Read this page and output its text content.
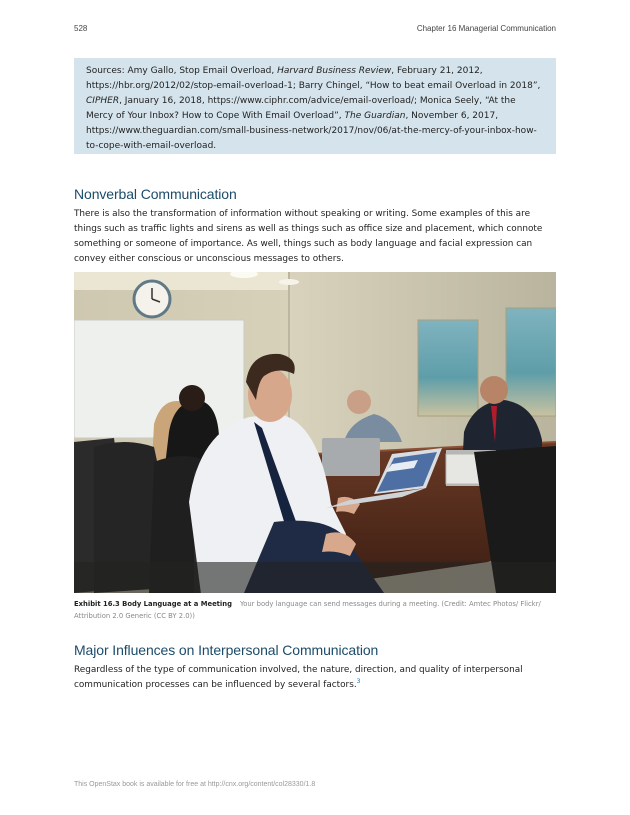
528	Chapter 16 Managerial Communication
Sources: Amy Gallo, Stop Email Overload, Harvard Business Review, February 21, 2012, https://hbr.org/2012/02/stop-email-overload-1; Barry Chingel, “How to beat email Overload in 2018”, CIPHER, January 16, 2018, https://www.ciphr.com/advice/email-overload/; Monica Seely, “At the Mercy of Your Inbox? How to Cope With Email Overload”, The Guardian, November 6, 2017, https://www.theguardian.com/small-business-network/2017/nov/06/at-the-mercy-of-your-inbox-how-to-cope-with-email-overload.
Nonverbal Communication

There is also the transformation of information without speaking or writing. Some examples of this are things such as traffic lights and sirens as well as things such as office size and placement, which connote something or someone of importance. As well, things such as body language and facial expression can convey either conscious or unconscious messages to others.

Exhibit 16.3 Body Language at a Meeting Your body language can send messages during a meeting. (Credit: Amtec Photos/ Flickr/ Attribution 2.0 Generic (CC BY 2.0))

Major Influences on Interpersonal Communication

Regardless of the type of communication involved, the nature, direction, and quality of interpersonal communication processes can be influenced by several factors.$^3$

This OpenStax book is available for free at http://cnx.org/content/col28330/1.8
